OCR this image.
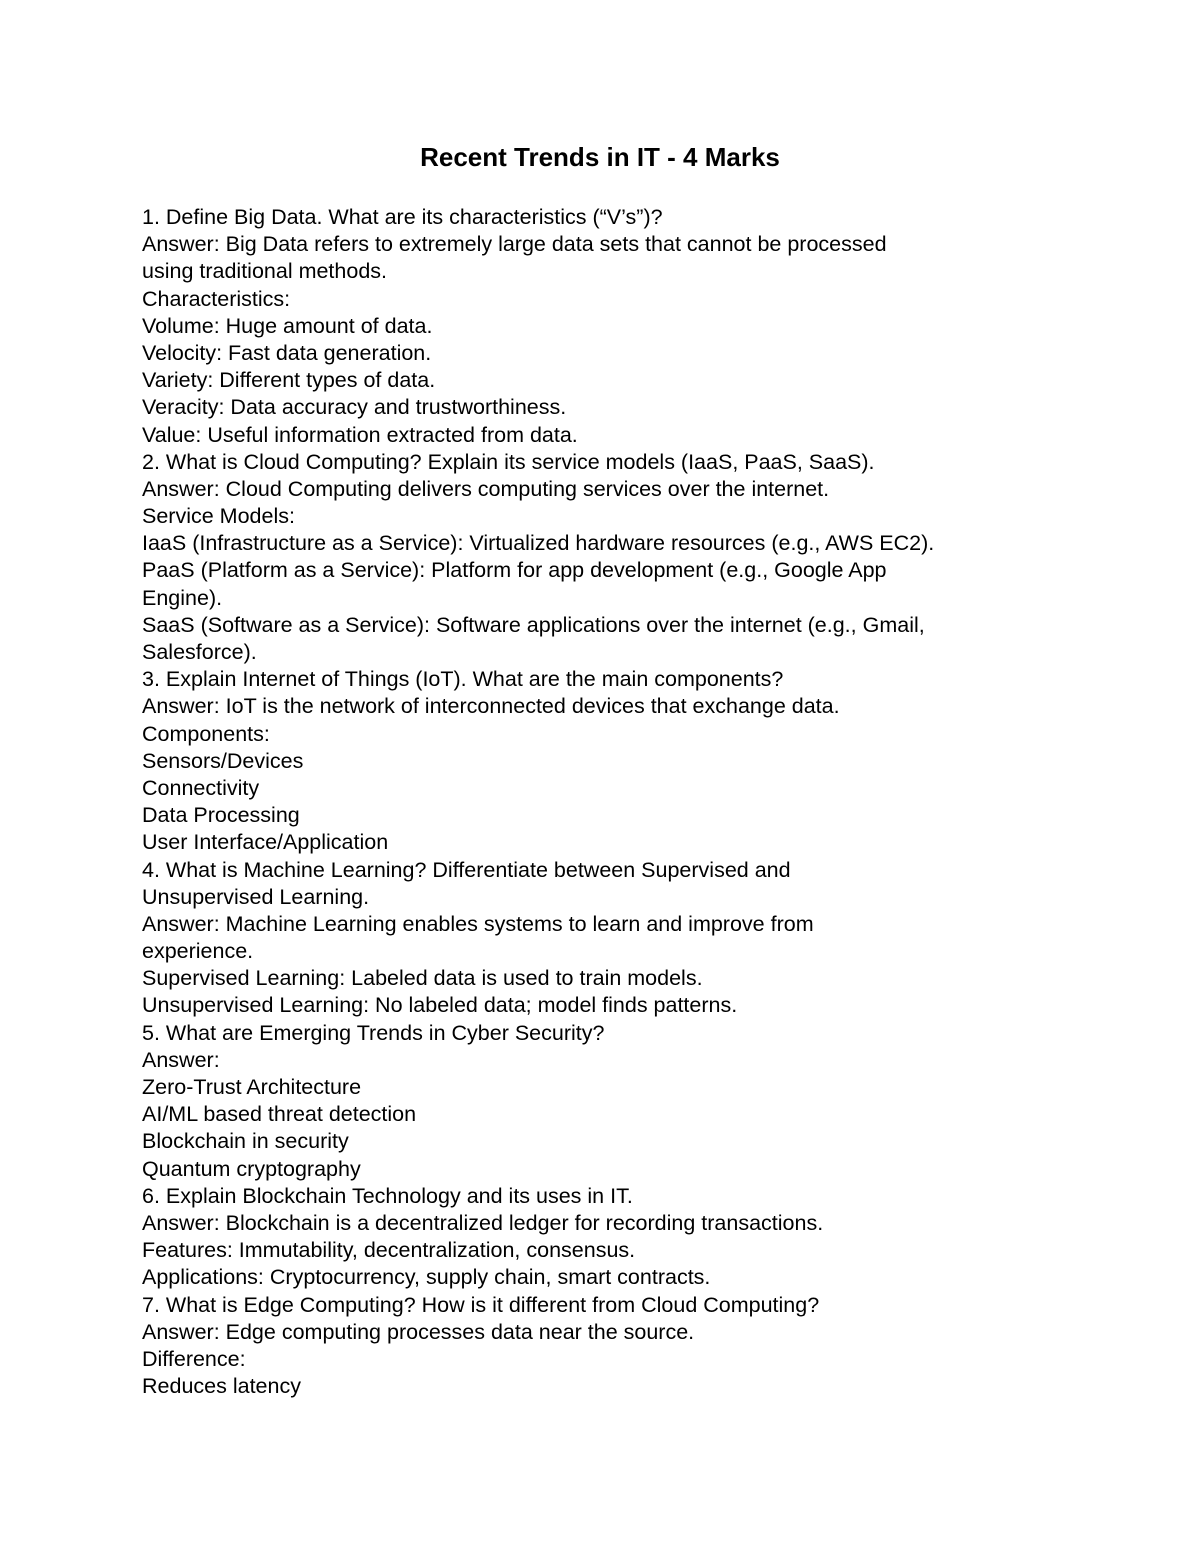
Recent Trends in IT - 4 Marks
1. Define Big Data. What are its characteristics (“V’s”)?
Answer: Big Data refers to extremely large data sets that cannot be processed
using traditional methods.
Characteristics:
Volume: Huge amount of data.
Velocity: Fast data generation.
Variety: Different types of data.
Veracity: Data accuracy and trustworthiness.
Value: Useful information extracted from data.
2. What is Cloud Computing? Explain its service models (IaaS, PaaS, SaaS).
Answer: Cloud Computing delivers computing services over the internet.
Service Models:
IaaS (Infrastructure as a Service): Virtualized hardware resources (e.g., AWS EC2).
PaaS (Platform as a Service): Platform for app development (e.g., Google App
Engine).
SaaS (Software as a Service): Software applications over the internet (e.g., Gmail,
Salesforce).
3. Explain Internet of Things (IoT). What are the main components?
Answer: IoT is the network of interconnected devices that exchange data.
Components:
Sensors/Devices
Connectivity
Data Processing
User Interface/Application
4. What is Machine Learning? Differentiate between Supervised and
Unsupervised Learning.
Answer: Machine Learning enables systems to learn and improve from
experience.
Supervised Learning: Labeled data is used to train models.
Unsupervised Learning: No labeled data; model finds patterns.
5. What are Emerging Trends in Cyber Security?
Answer:
Zero-Trust Architecture
AI/ML based threat detection
Blockchain in security
Quantum cryptography
6. Explain Blockchain Technology and its uses in IT.
Answer: Blockchain is a decentralized ledger for recording transactions.
Features: Immutability, decentralization, consensus.
Applications: Cryptocurrency, supply chain, smart contracts.
7. What is Edge Computing? How is it different from Cloud Computing?
Answer: Edge computing processes data near the source.
Difference:
Reduces latency
